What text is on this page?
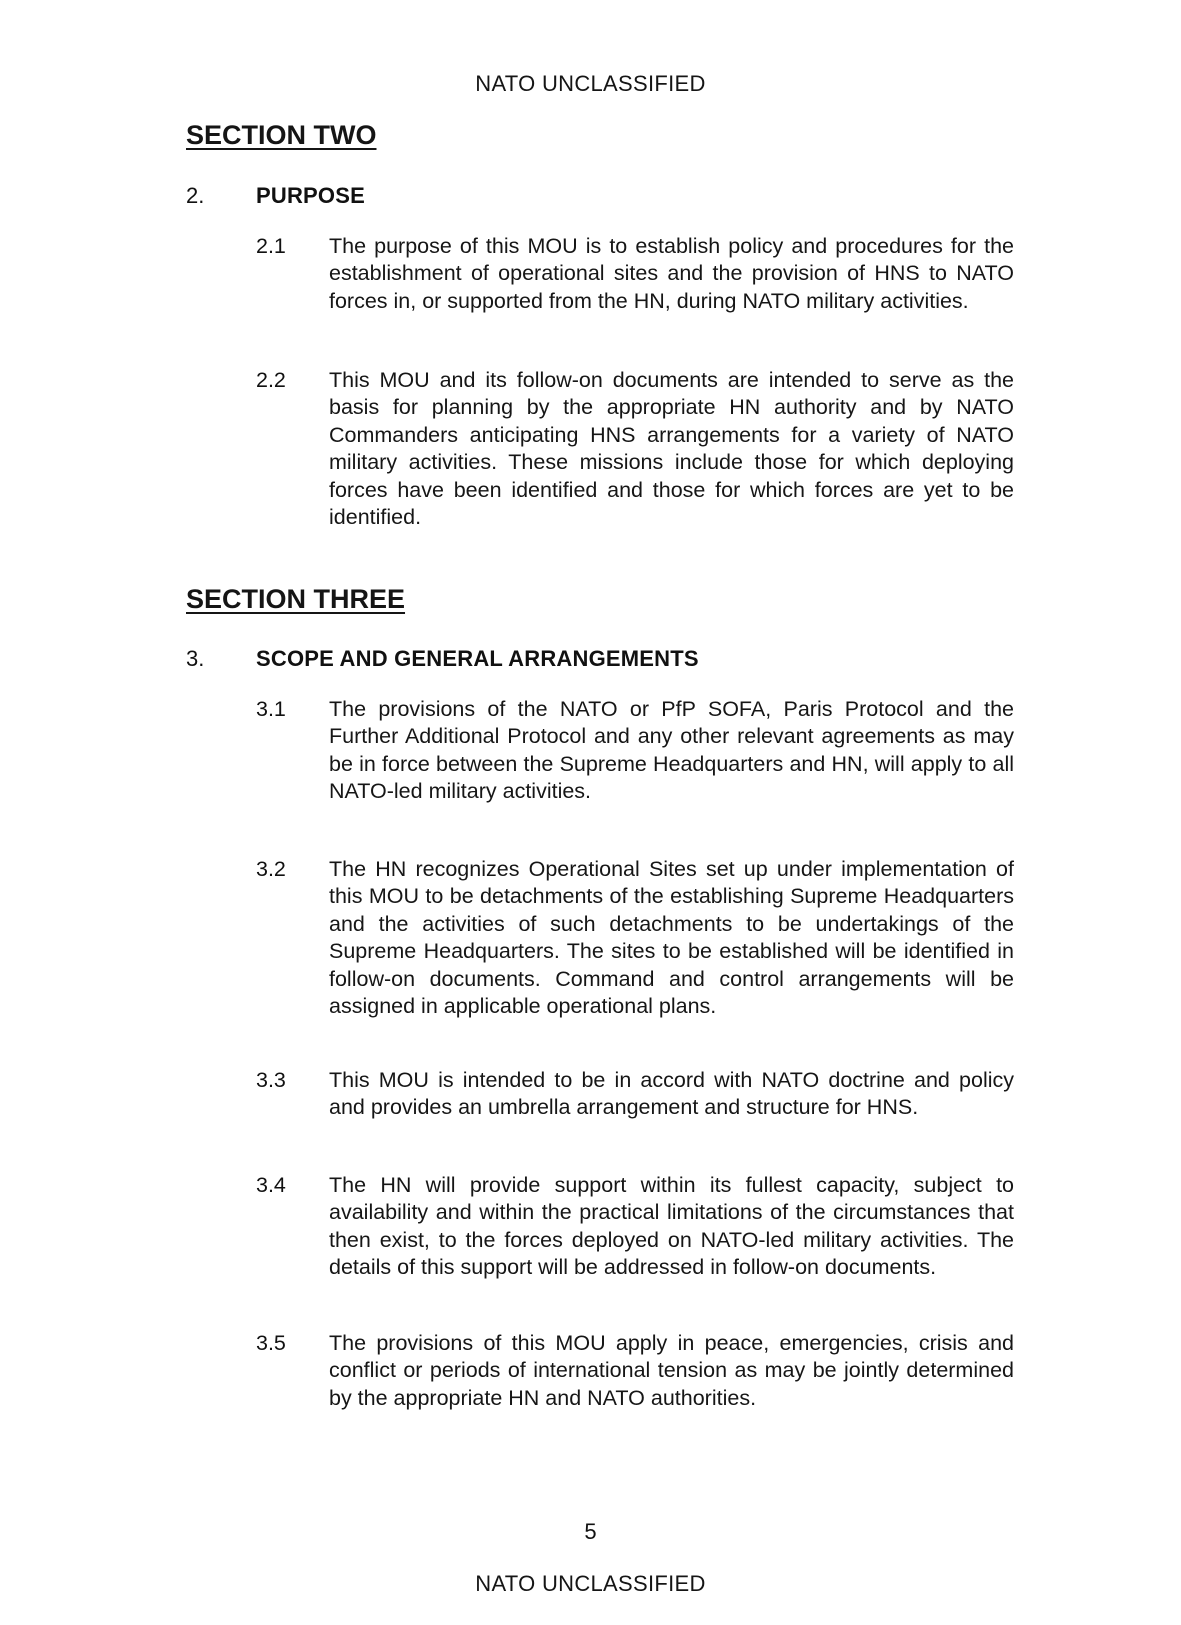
NATO UNCLASSIFIED
SECTION TWO
2. PURPOSE
2.1	The purpose of this MOU is to establish policy and procedures for the establishment of operational sites and the provision of HNS to NATO forces in, or supported from the HN, during NATO military activities.
2.2	This MOU and its follow-on documents are intended to serve as the basis for planning by the appropriate HN authority and by NATO Commanders anticipating HNS arrangements for a variety of NATO military activities. These missions include those for which deploying forces have been identified and those for which forces are yet to be identified.
SECTION THREE
3. SCOPE AND GENERAL ARRANGEMENTS
3.1	The provisions of the NATO or PfP SOFA, Paris Protocol and the Further Additional Protocol and any other relevant agreements as may be in force between the Supreme Headquarters and HN, will apply to all NATO-led military activities.
3.2	The HN recognizes Operational Sites set up under implementation of this MOU to be detachments of the establishing Supreme Headquarters and the activities of such detachments to be undertakings of the Supreme Headquarters. The sites to be established will be identified in follow-on documents. Command and control arrangements will be assigned in applicable operational plans.
3.3	This MOU is intended to be in accord with NATO doctrine and policy and provides an umbrella arrangement and structure for HNS.
3.4	The HN will provide support within its fullest capacity, subject to availability and within the practical limitations of the circumstances that then exist, to the forces deployed on NATO-led military activities. The details of this support will be addressed in follow-on documents.
3.5	The provisions of this MOU apply in peace, emergencies, crisis and conflict or periods of international tension as may be jointly determined by the appropriate HN and NATO authorities.
5
NATO UNCLASSIFIED
